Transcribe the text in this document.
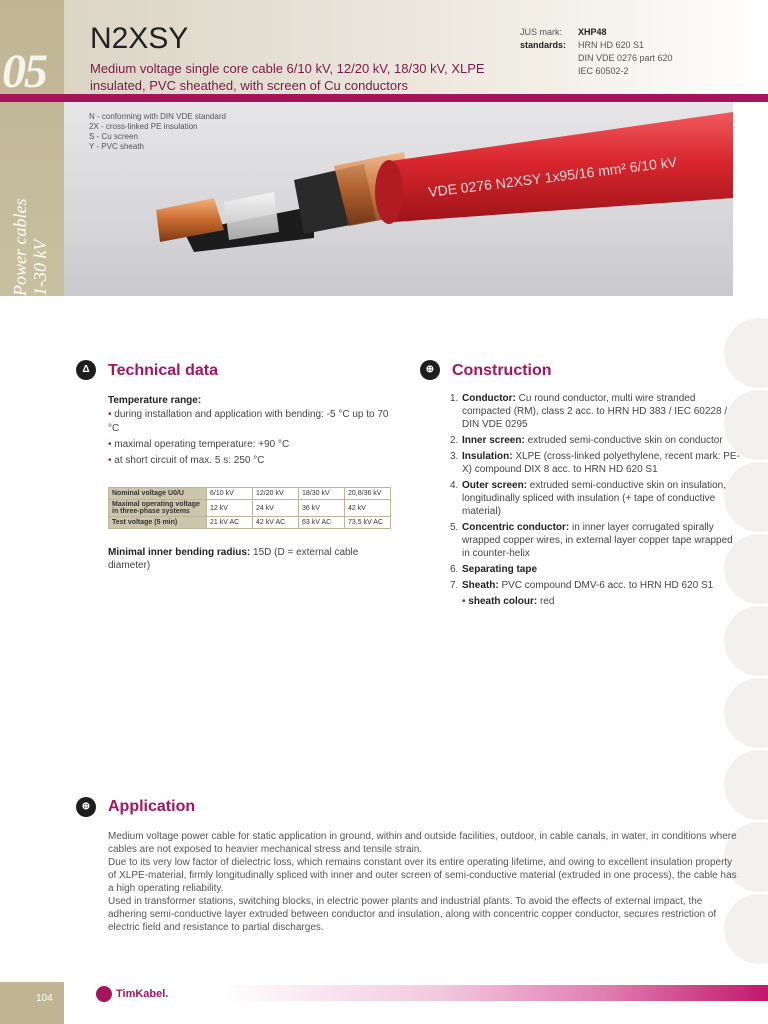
05
Power cables 1-30 kV
N2XSY
Medium voltage single core cable 6/10 kV, 12/20 kV, 18/30 kV, XLPE insulated, PVC sheathed, with screen of Cu conductors
JUS mark:	XHP48
standards:	HRN HD 620 S1
DIN VDE 0276 part 620
IEC 60502-2
VDE 0276 N2XSY 1x95/16 mm² 6/10 kV
N - conforming with DIN VDE standard
2X - cross-linked PE insulation
S - Cu screen
Y - PVC sheath
Δ	Technical data
Temperature range:
• during installation and application with bending: -5 °C up to 70 °C
• maximal operating temperature: +90 °C
• at short circuit of max. 5 s: 250 °C
Nominal voltage U0/U	6/10 kV	12/20 kV	18/30 kV	20,8/36 kV
Maximal operating voltage in three-phase systems	12 kV	24 kV	36 kV	42 kV
Test voltage (5 min)	21 kV AC	42 kV AC	63 kV AC	73,5 kV AC
Minimal inner bending radius: 15D (D = external cable diameter)
⊕	Construction
1. Conductor: Cu round conductor, multi wire stranded compacted (RM), class 2 acc. to HRN HD 383 / IEC 60228 / DIN VDE 0295
2. Inner screen: extruded semi-conductive skin on conductor
3. Insulation: XLPE (cross-linked polyethylene, recent mark: PE-X) compound DIX 8 acc. to HRN HD 620 S1
4. Outer screen: extruded semi-conductive skin on insulation, longitudinally spliced with insulation (+ tape of conductive material)
5. Concentric conductor: in inner layer corrugated spirally wrapped copper wires, in external layer copper tape wrapped in counter-helix
6. Separating tape
7. Sheath: PVC compound DMV-6 acc. to HRN HD 620 S1
• sheath colour: red
⊕	Application
Medium voltage power cable for static application in ground, within and outside facilities, outdoor, in cable canals, in water, in conditions where cables are not exposed to heavier mechanical stress and tensile strain.
Due to its very low factor of dielectric loss, which remains constant over its entire operating lifetime, and owing to excellent insulation property of XLPE-material, firmly longitudinally spliced with inner and outer screen of semi-conductive material (extruded in one process), the cable has a high operating reliability.
Used in transformer stations, switching blocks, in electric power plants and industrial plants. To avoid the effects of external impact, the adhering semi-conductive layer extruded between conductor and insulation, along with concentric copper conductor, secures restriction of electric field and resistance to partial discharges.
104	TimKabel.
